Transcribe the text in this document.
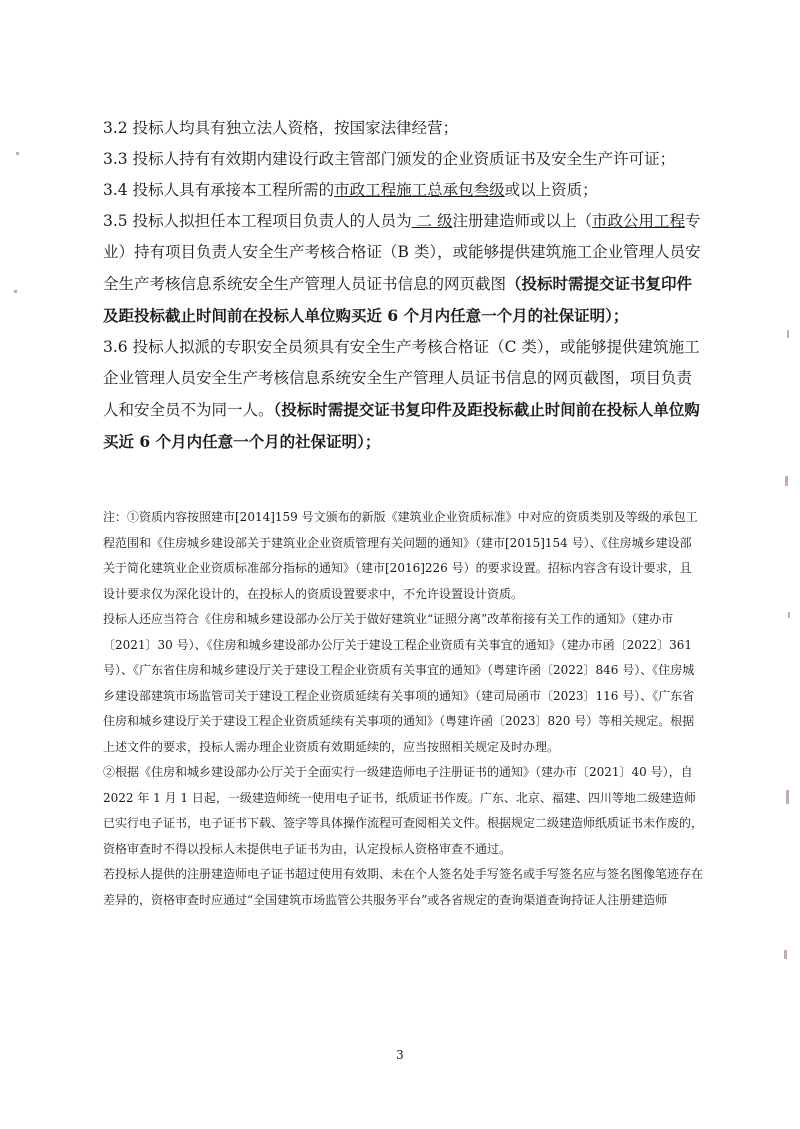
3.2 投标人均具有独立法人资格，按国家法律经营；

3.3 投标人持有有效期内建设行政主管部门颁发的企业资质证书及安全生产许可证；

3.4 投标人具有承接本工程所需的市政工程施工总承包叁级或以上资质；

3.5 投标人拟担任本工程项目负责人的人员为 二 级注册建造师或以上（市政公用工程专业）持有项目负责人安全生产考核合格证（B 类），或能够提供建筑施工企业管理人员安全生产考核信息系统安全生产管理人员证书信息的网页截图（投标时需提交证书复印件及距投标截止时间前在投标人单位购买近 6 个月内任意一个月的社保证明）；

3.6 投标人拟派的专职安全员须具有安全生产考核合格证（C 类），或能够提供建筑施工企业管理人员安全生产考核信息系统安全生产管理人员证书信息的网页截图，项目负责人和安全员不为同一人。（投标时需提交证书复印件及距投标截止时间前在投标人单位购买近 6 个月内任意一个月的社保证明）；

注：①资质内容按照建市[2014]159 号文颁布的新版《建筑业企业资质标准》中对应的资质类别及等级的承包工程范围和《住房城乡建设部关于建筑业企业资质管理有关问题的通知》（建市[2015]154 号）、《住房城乡建设部关于简化建筑业企业资质标准部分指标的通知》（建市[2016]226 号）的要求设置。招标内容含有设计要求，且设计要求仅为深化设计的，在投标人的资质设置要求中，不允许设置设计资质。

投标人还应当符合《住房和城乡建设部办公厅关于做好建筑业“证照分离”改革衔接有关工作的通知》（建办市〔2021〕30 号）、《住房和城乡建设部办公厅关于建设工程企业资质有关事宜的通知》（建办市函〔2022〕361 号）、《广东省住房和城乡建设厅关于建设工程企业资质有关事宜的通知》（粤建许函〔2022〕846 号）、《住房城乡建设部建筑市场监管司关于建设工程企业资质延续有关事项的通知》（建司局函市〔2023〕116 号）、《广东省住房和城乡建设厅关于建设工程企业资质延续有关事项的通知》（粤建许函〔2023〕820 号）等相关规定。根据上述文件的要求，投标人需办理企业资质有效期延续的，应当按照相关规定及时办理。

②根据《住房和城乡建设部办公厅关于全面实行一级建造师电子注册证书的通知》（建办市〔2021〕40 号），自 2022 年 1 月 1 日起，一级建造师统一使用电子证书，纸质证书作废。广东、北京、福建、四川等地二级建造师已实行电子证书，电子证书下载、签字等具体操作流程可查阅相关文件。根据规定二级建造师纸质证书未作废的，资格审查时不得以投标人未提供电子证书为由，认定投标人资格审查不通过。

若投标人提供的注册建造师电子证书超过使用有效期、未在个人签名处手写签名或手写签名应与签名图像笔迹存在差异的，资格审查时应通过“全国建筑市场监管公共服务平台”或各省规定的查询渠道查询持证人注册建造师

3
